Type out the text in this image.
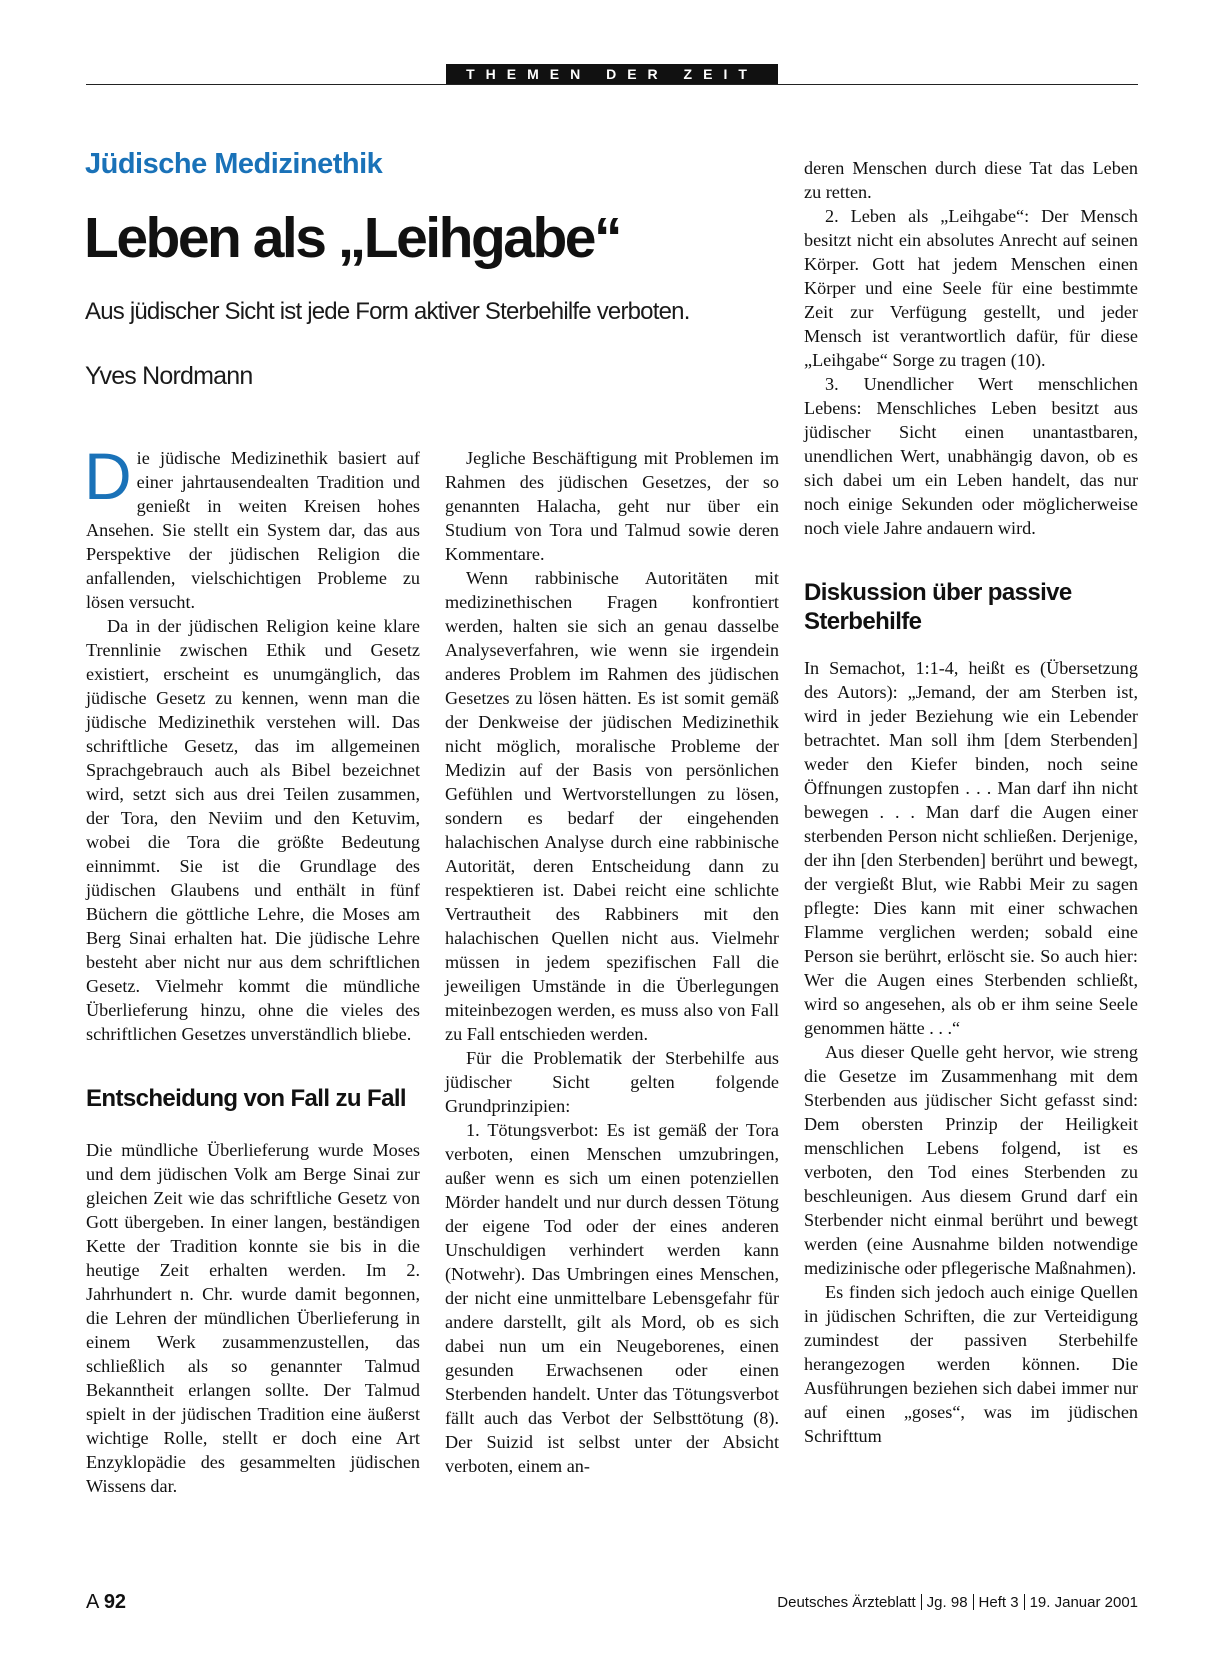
THEMEN DER ZEIT
Jüdische Medizinethik
Leben als „Leihgabe“
Aus jüdischer Sicht ist jede Form aktiver Sterbehilfe verboten.
Yves Nordmann

Die jüdische Medizinethik basiert auf einer jahrtausendealten Tradition und genießt in weiten Kreisen hohes Ansehen. Sie stellt ein System dar, das aus Perspektive der jüdischen Religion die anfallenden, vielschichtigen Probleme zu lösen versucht.

Da in der jüdischen Religion keine klare Trennlinie zwischen Ethik und Gesetz existiert, erscheint es unumgänglich, das jüdische Gesetz zu kennen, wenn man die jüdische Medizinethik verstehen will. Das schriftliche Gesetz, das im allgemeinen Sprachgebrauch auch als Bibel bezeichnet wird, setzt sich aus drei Teilen zusammen, der Tora, den Neviim und den Ketuvim, wobei die Tora die größte Bedeutung einnimmt. Sie ist die Grundlage des jüdischen Glaubens und enthält in fünf Büchern die göttliche Lehre, die Moses am Berg Sinai erhalten hat. Die jüdische Lehre besteht aber nicht nur aus dem schriftlichen Gesetz. Vielmehr kommt die mündliche Überlieferung hinzu, ohne die vieles des schriftlichen Gesetzes unverständlich bliebe.

Entscheidung von Fall zu Fall

Die mündliche Überlieferung wurde Moses und dem jüdischen Volk am Berge Sinai zur gleichen Zeit wie das schriftliche Gesetz von Gott übergeben. In einer langen, beständigen Kette der Tradition konnte sie bis in die heutige Zeit erhalten werden. Im 2. Jahrhundert n. Chr. wurde damit begonnen, die Lehren der mündlichen Überlieferung in einem Werk zusammenzustellen, das schließlich als so genannter Talmud Bekanntheit erlangen sollte. Der Talmud spielt in der jüdischen Tradition eine äußerst wichtige Rolle, stellt er doch eine Art Enzyklopädie des gesammelten jüdischen Wissens dar.

Jegliche Beschäftigung mit Problemen im Rahmen des jüdischen Gesetzes, der so genannten Halacha, geht nur über ein Studium von Tora und Talmud sowie deren Kommentare.

Wenn rabbinische Autoritäten mit medizinethischen Fragen konfrontiert werden, halten sie sich an genau dasselbe Analyseverfahren, wie wenn sie irgendein anderes Problem im Rahmen des jüdischen Gesetzes zu lösen hätten. Es ist somit gemäß der Denkweise der jüdischen Medizinethik nicht möglich, moralische Probleme der Medizin auf der Basis von persönlichen Gefühlen und Wertvorstellungen zu lösen, sondern es bedarf der eingehenden halachischen Analyse durch eine rabbinische Autorität, deren Entscheidung dann zu respektieren ist. Dabei reicht eine schlichte Vertrautheit des Rabbiners mit den halachischen Quellen nicht aus. Vielmehr müssen in jedem spezifischen Fall die jeweiligen Umstände in die Überlegungen miteinbezogen werden, es muss also von Fall zu Fall entschieden werden.

Für die Problematik der Sterbehilfe aus jüdischer Sicht gelten folgende Grundprinzipien:

1. Tötungsverbot: Es ist gemäß der Tora verboten, einen Menschen umzubringen, außer wenn es sich um einen potenziellen Mörder handelt und nur durch dessen Tötung der eigene Tod oder der eines anderen Unschuldigen verhindert werden kann (Notwehr). Das Umbringen eines Menschen, der nicht eine unmittelbare Lebensgefahr für andere darstellt, gilt als Mord, ob es sich dabei nun um ein Neugeborenes, einen gesunden Erwachsenen oder einen Sterbenden handelt. Unter das Tötungsverbot fällt auch das Verbot der Selbsttötung (8). Der Suizid ist selbst unter der Absicht verboten, einem an-

deren Menschen durch diese Tat das Leben zu retten.

2. Leben als „Leihgabe“: Der Mensch besitzt nicht ein absolutes Anrecht auf seinen Körper. Gott hat jedem Menschen einen Körper und eine Seele für eine bestimmte Zeit zur Verfügung gestellt, und jeder Mensch ist verantwortlich dafür, für diese „Leihgabe“ Sorge zu tragen (10).

3. Unendlicher Wert menschlichen Lebens: Menschliches Leben besitzt aus jüdischer Sicht einen unantastbaren, unendlichen Wert, unabhängig davon, ob es sich dabei um ein Leben handelt, das nur noch einige Sekunden oder möglicherweise noch viele Jahre andauern wird.

Diskussion über passive Sterbehilfe

In Semachot, 1:1-4, heißt es (Übersetzung des Autors): „Jemand, der am Sterben ist, wird in jeder Beziehung wie ein Lebender betrachtet. Man soll ihm [dem Sterbenden] weder den Kiefer binden, noch seine Öffnungen zustopfen . . . Man darf ihn nicht bewegen . . . Man darf die Augen einer sterbenden Person nicht schließen. Derjenige, der ihn [den Sterbenden] berührt und bewegt, der vergießt Blut, wie Rabbi Meir zu sagen pflegte: Dies kann mit einer schwachen Flamme verglichen werden; sobald eine Person sie berührt, erlöscht sie. So auch hier: Wer die Augen eines Sterbenden schließt, wird so angesehen, als ob er ihm seine Seele genommen hätte . . .“

Aus dieser Quelle geht hervor, wie streng die Gesetze im Zusammenhang mit dem Sterbenden aus jüdischer Sicht gefasst sind: Dem obersten Prinzip der Heiligkeit menschlichen Lebens folgend, ist es verboten, den Tod eines Sterbenden zu beschleunigen. Aus diesem Grund darf ein Sterbender nicht einmal berührt und bewegt werden (eine Ausnahme bilden notwendige medizinische oder pflegerische Maßnahmen).

Es finden sich jedoch auch einige Quellen in jüdischen Schriften, die zur Verteidigung zumindest der passiven Sterbehilfe herangezogen werden können. Die Ausführungen beziehen sich dabei immer nur auf einen „goses“, was im jüdischen Schrifttum

A 92	Deutsches Ärzteblatt Jg. 98 Heft 3 19. Januar 2001
